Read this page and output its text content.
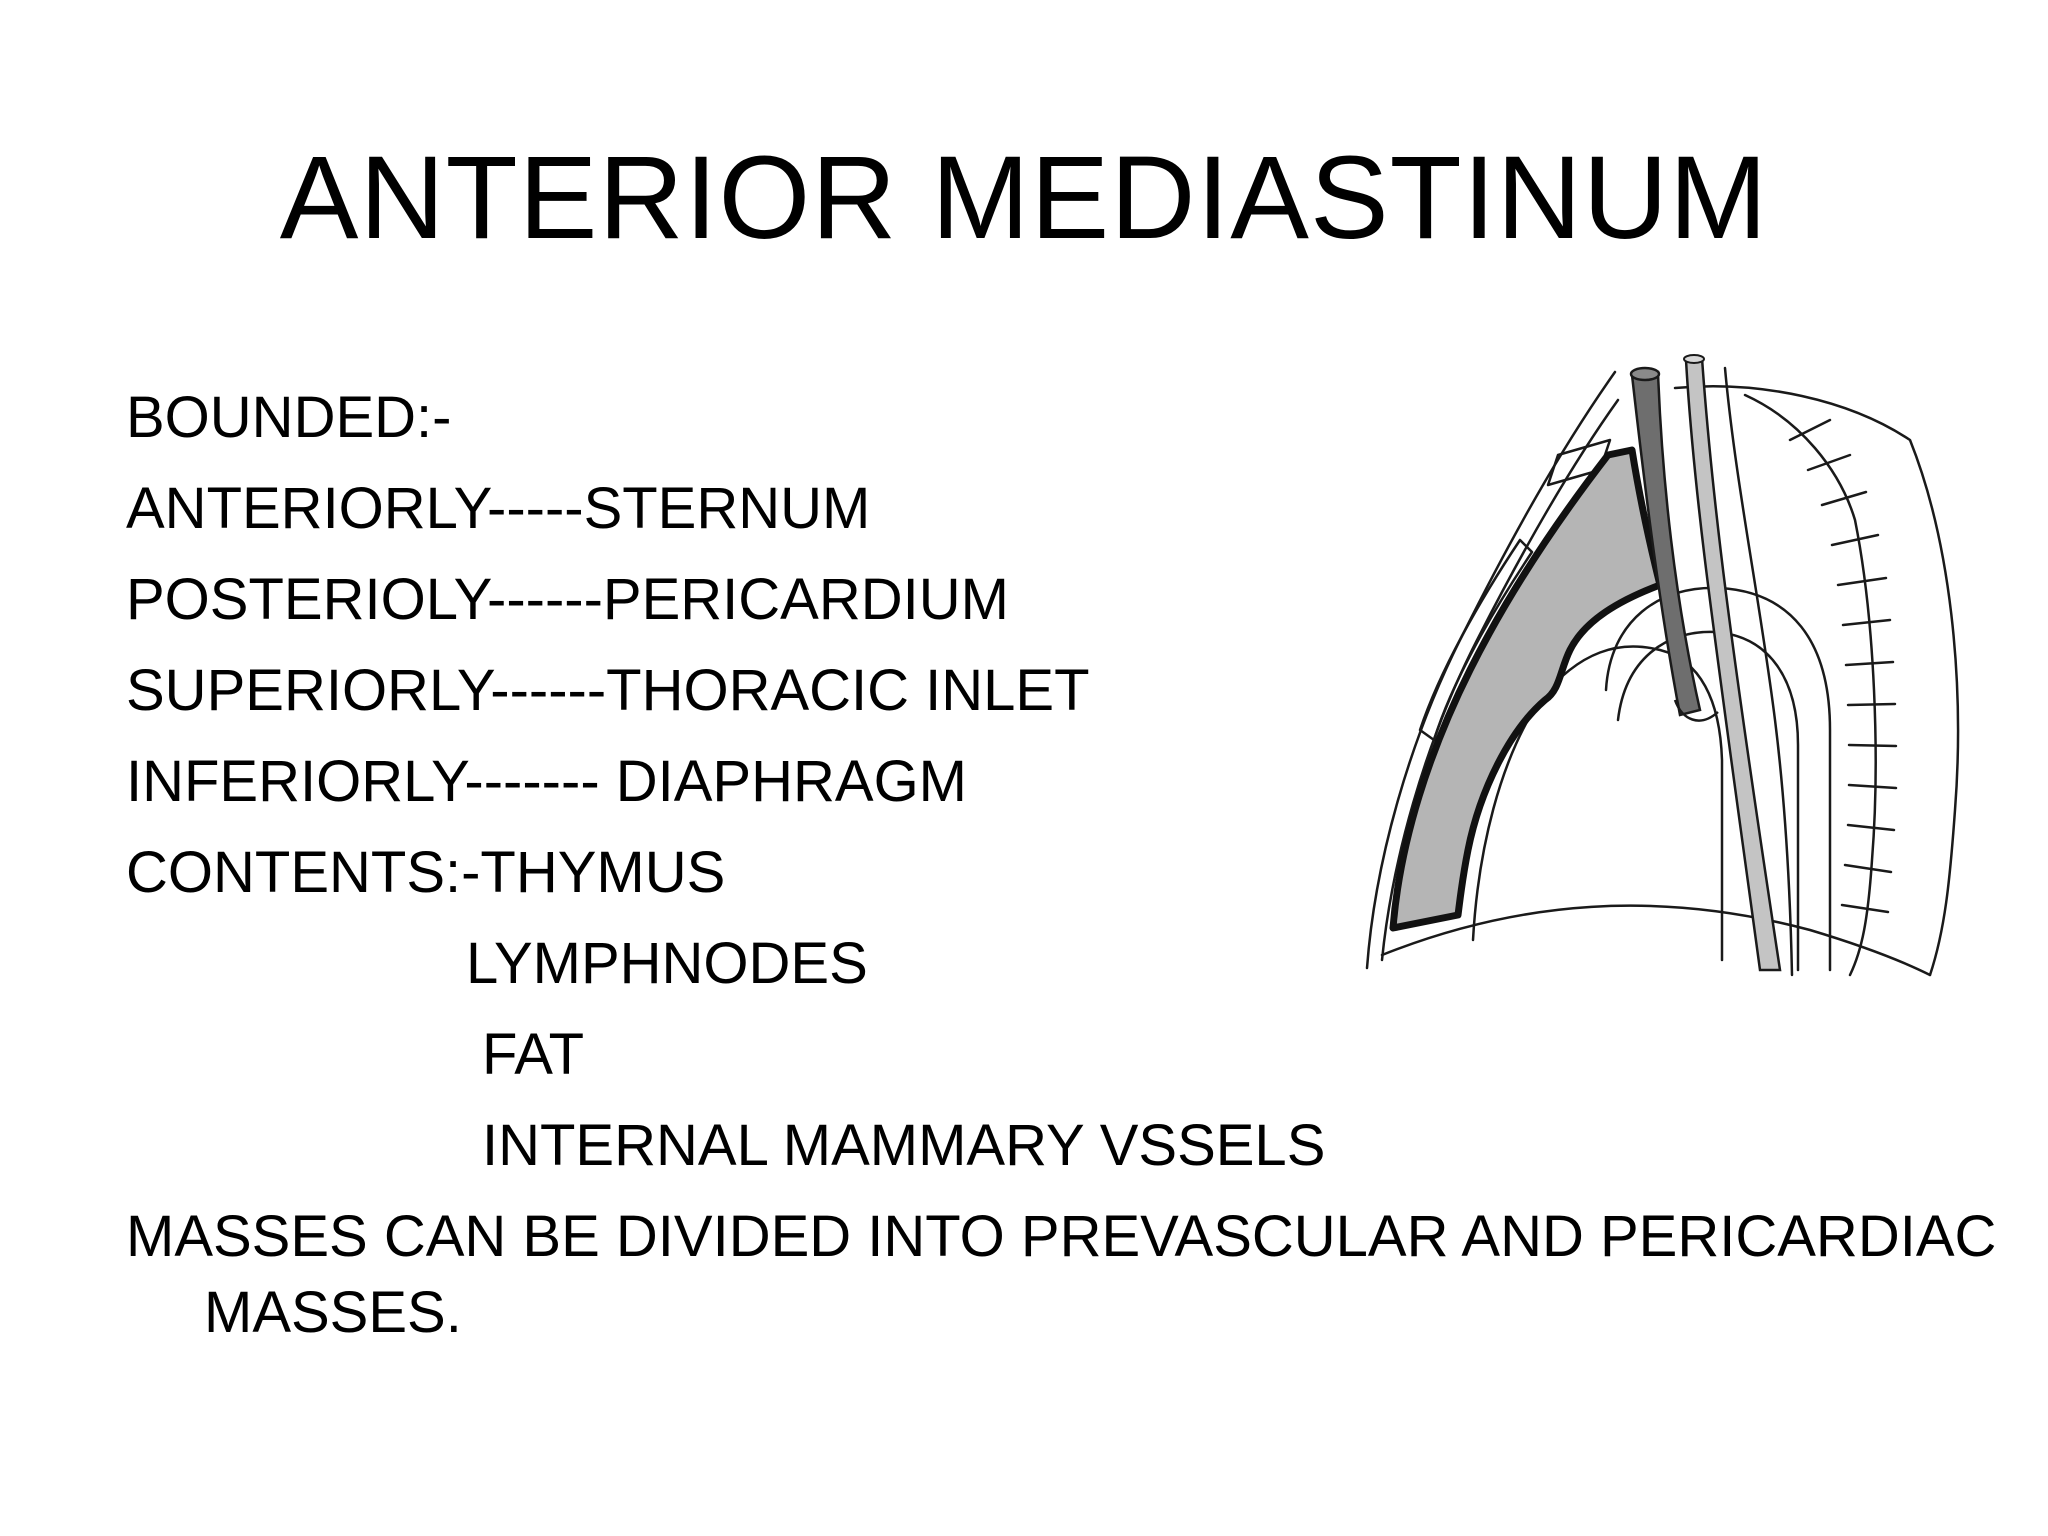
ANTERIOR MEDIASTINUM
BOUNDED:-
ANTERIORLY-----STERNUM
POSTERIOLY------PERICARDIUM
SUPERIORLY------THORACIC INLET
INFERIORLY------- DIAPHRAGM
CONTENTS:-THYMUS
LYMPHNODES
FAT
INTERNAL MAMMARY VSSELS
MASSES CAN BE DIVIDED INTO PREVASCULAR AND PERICARDIAC
MASSES.
